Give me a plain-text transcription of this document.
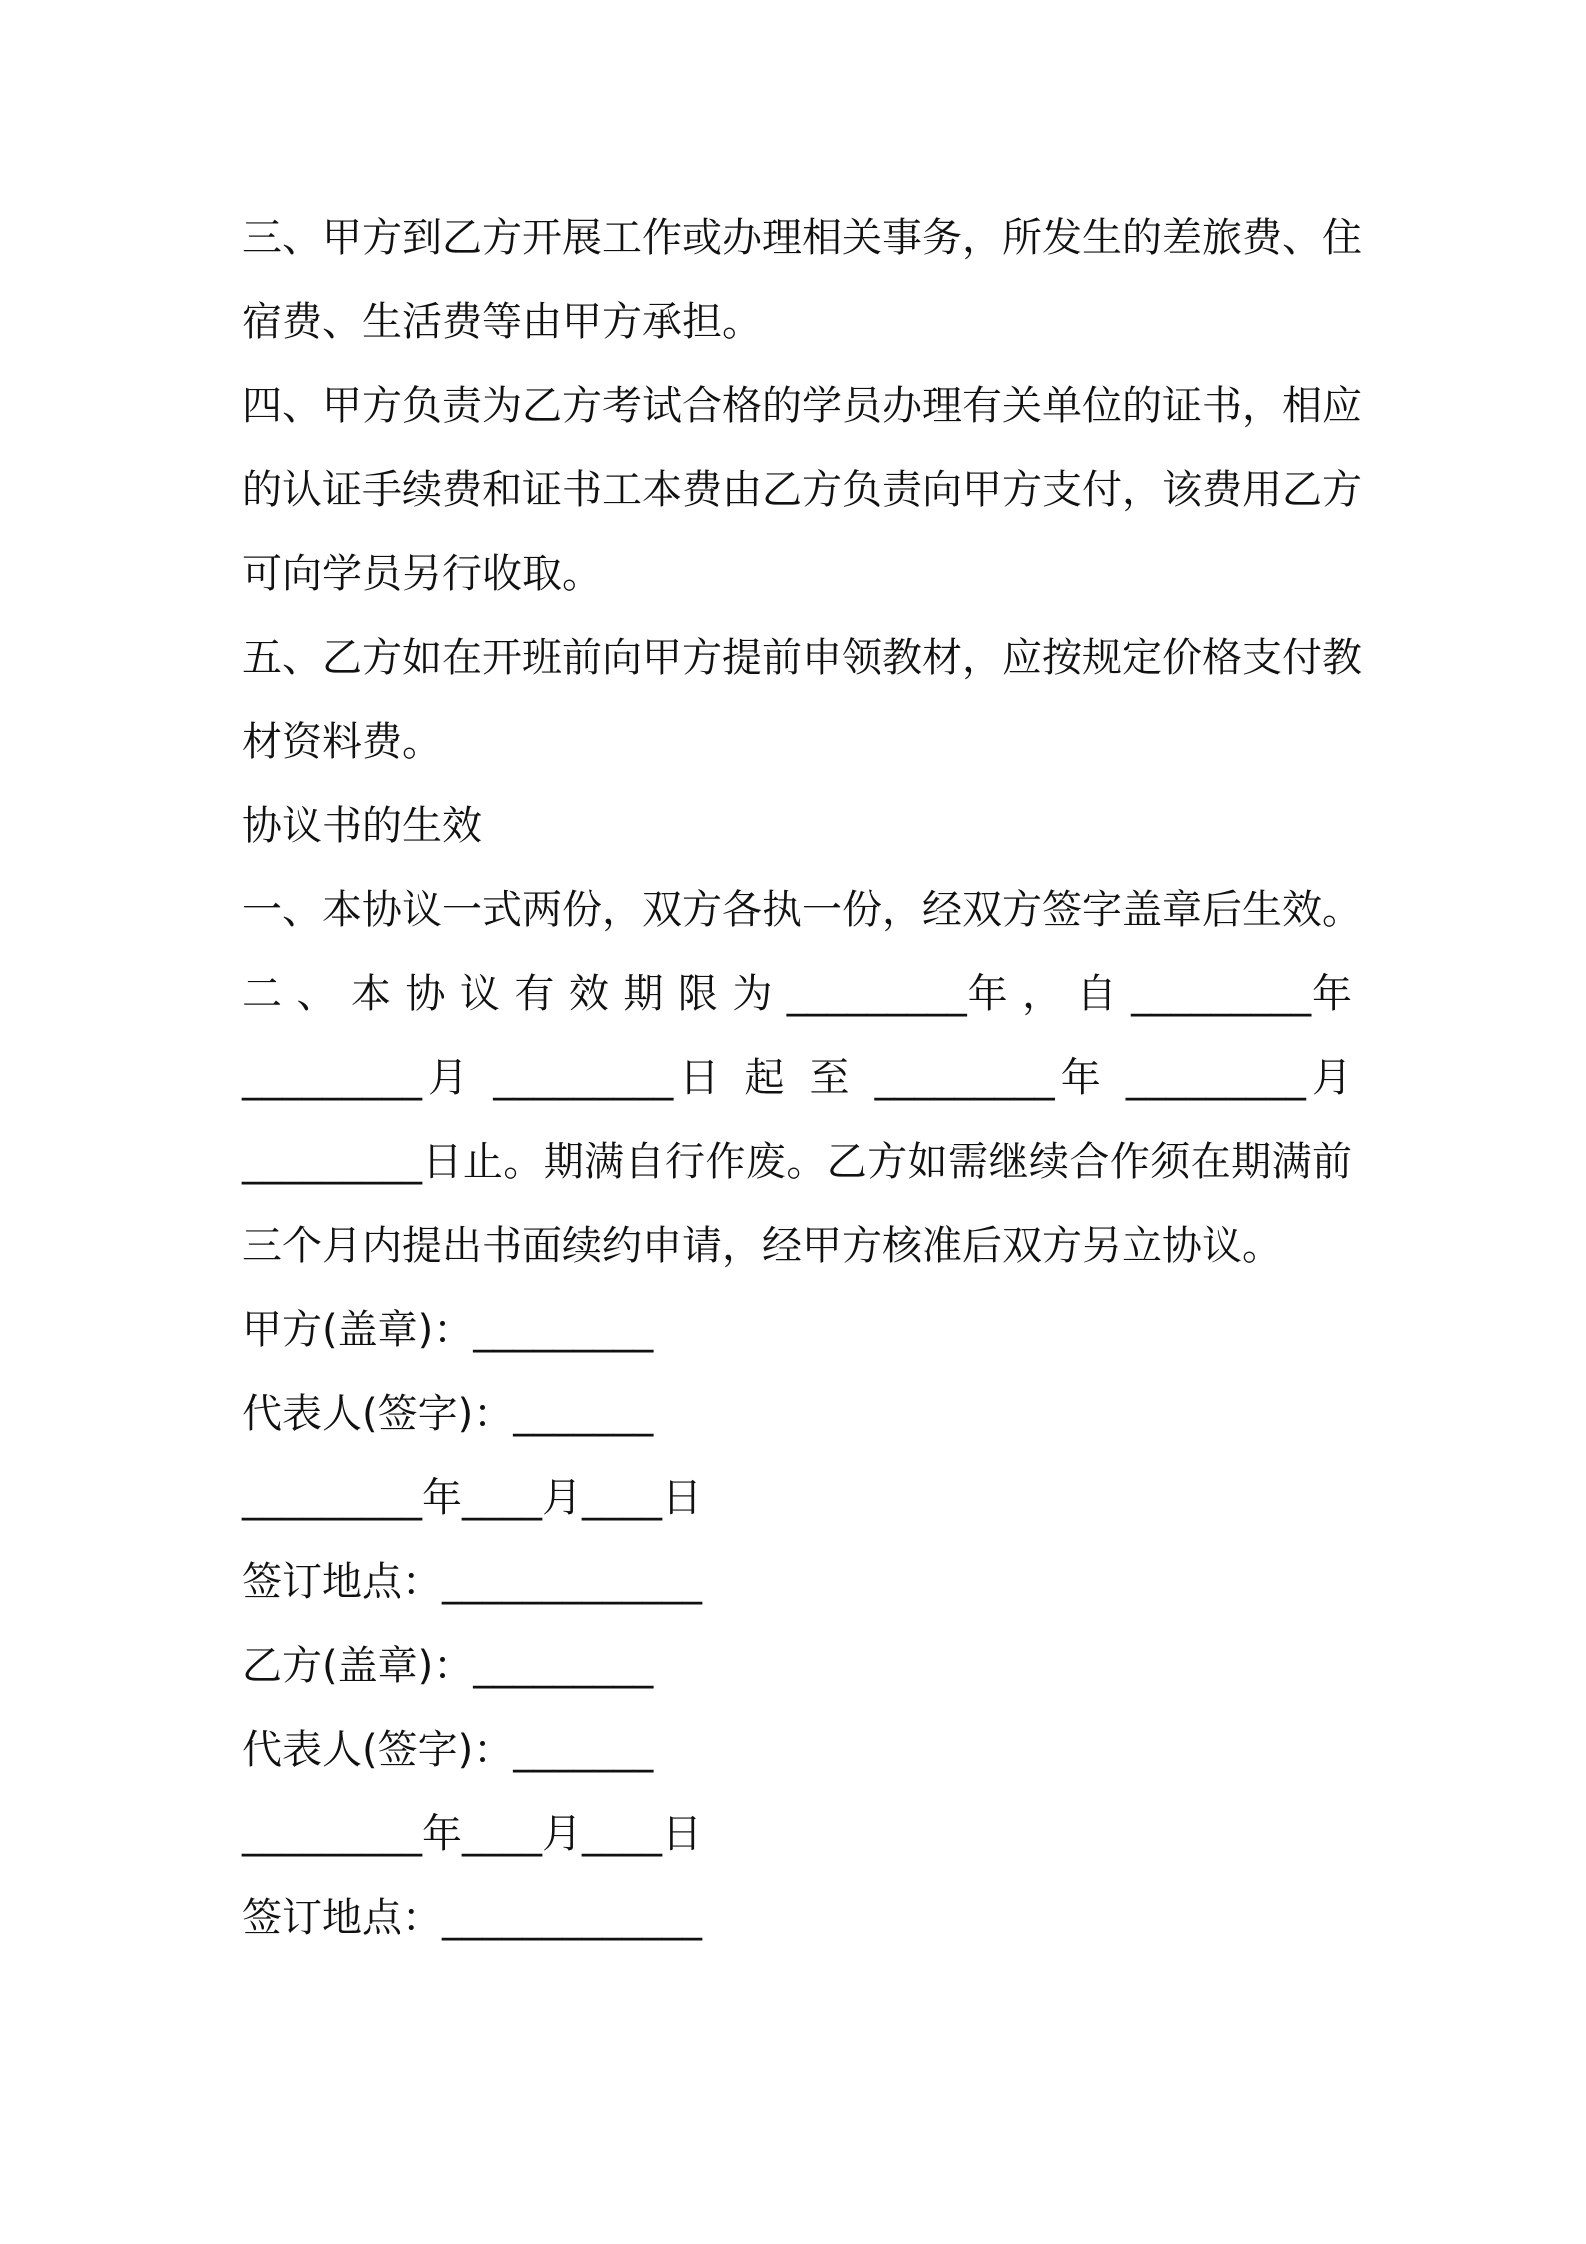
三、甲方到乙方开展工作或办理相关事务，所发生的差旅费、住
宿费、生活费等由甲方承担。
四、甲方负责为乙方考试合格的学员办理有关单位的证书，相应
的认证手续费和证书工本费由乙方负责向甲方支付，该费用乙方
可向学员另行收取。
五、乙方如在开班前向甲方提前申领教材，应按规定价格支付教
材资料费。
协议书的生效
一、本协议一式两份，双方各执一份，经双方签字盖章后生效。
二 、 本 协 议 有 效 期 限 为 _________年 ， 自 _________年
_________月 _________日 起 至 _________年 _________月
_________日止。期满自行作废。乙方如需继续合作须在期满前
三个月内提出书面续约申请，经甲方核准后双方另立协议。
甲方(盖章)：_________
代表人(签字)：_______
_________年____月____日
签订地点：_____________
乙方(盖章)：_________
代表人(签字)：_______
_________年____月____日
签订地点：_____________
